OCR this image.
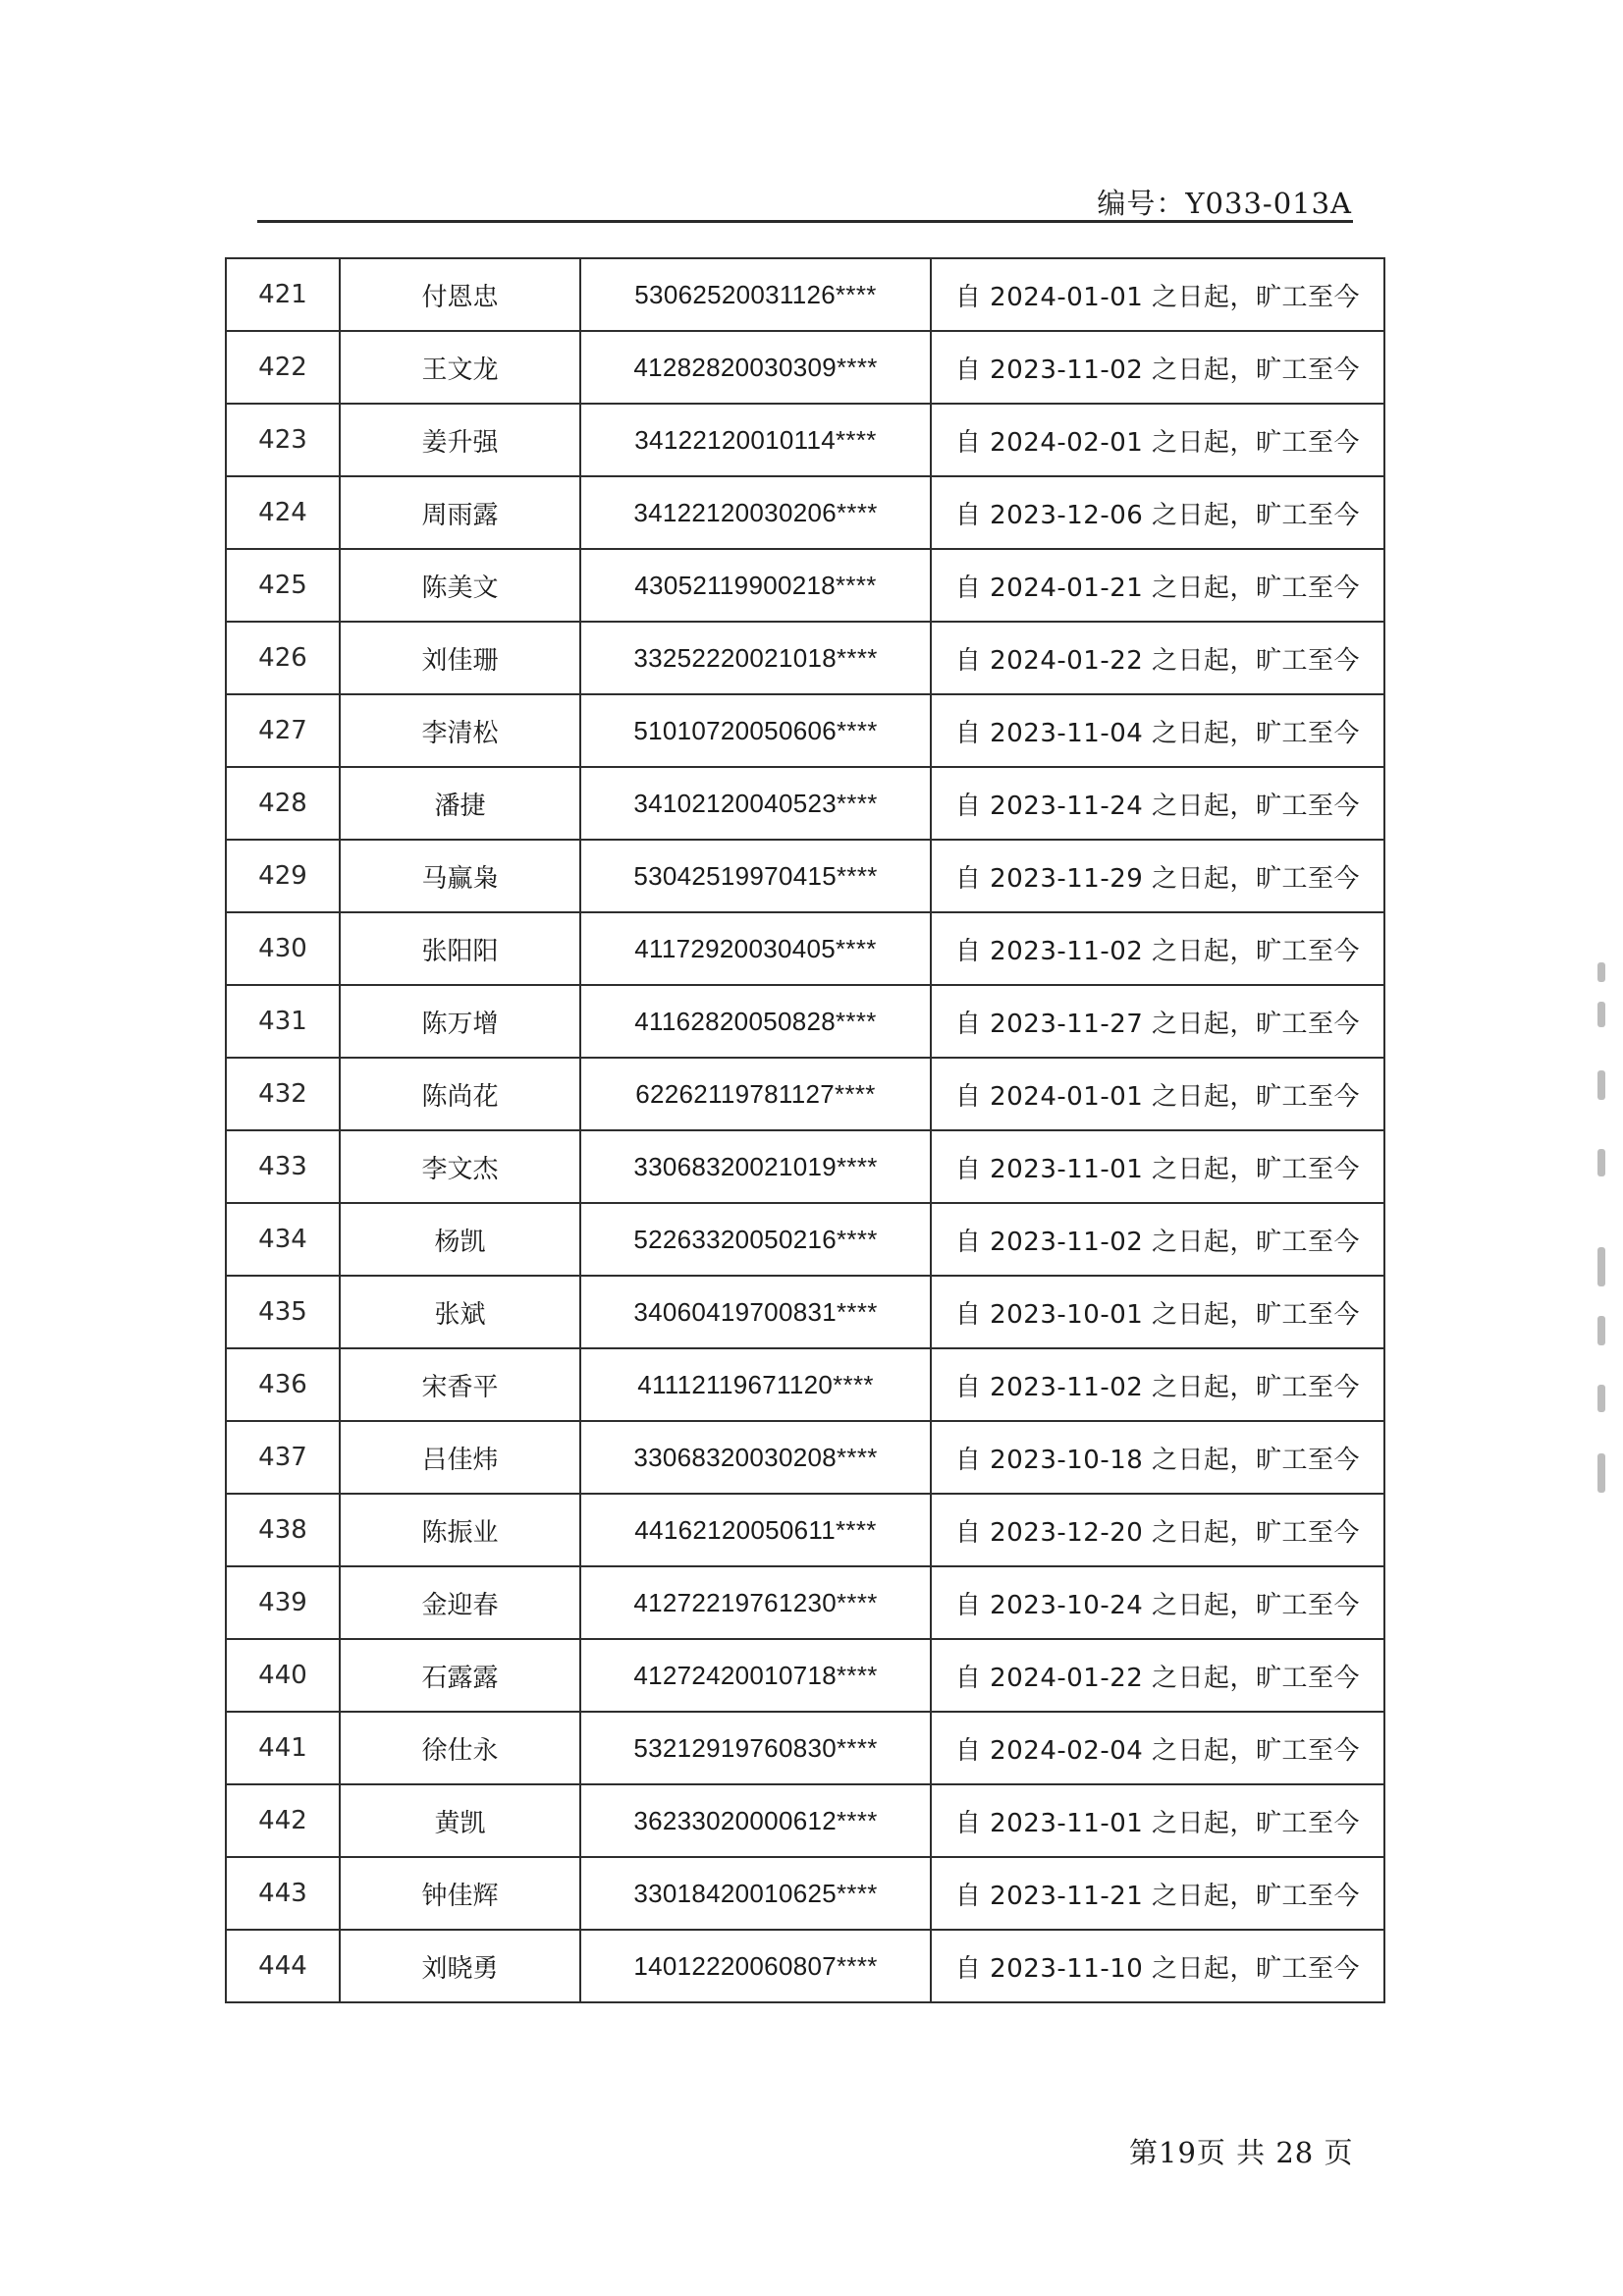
编号：Y033-013A
421	付恩忠	53062520031126****	自 2024-01-01 之日起，旷工至今
422	王文龙	41282820030309****	自 2023-11-02 之日起，旷工至今
423	姜升强	34122120010114****	自 2024-02-01 之日起，旷工至今
424	周雨露	34122120030206****	自 2023-12-06 之日起，旷工至今
425	陈美文	43052119900218****	自 2024-01-21 之日起，旷工至今
426	刘佳珊	33252220021018****	自 2024-01-22 之日起，旷工至今
427	李清松	51010720050606****	自 2023-11-04 之日起，旷工至今
428	潘捷	34102120040523****	自 2023-11-24 之日起，旷工至今
429	马赢枭	53042519970415****	自 2023-11-29 之日起，旷工至今
430	张阳阳	41172920030405****	自 2023-11-02 之日起，旷工至今
431	陈万增	41162820050828****	自 2023-11-27 之日起，旷工至今
432	陈尚花	62262119781127****	自 2024-01-01 之日起，旷工至今
433	李文杰	33068320021019****	自 2023-11-01 之日起，旷工至今
434	杨凯	52263320050216****	自 2023-11-02 之日起，旷工至今
435	张斌	34060419700831****	自 2023-10-01 之日起，旷工至今
436	宋香平	41112119671120****	自 2023-11-02 之日起，旷工至今
437	吕佳炜	33068320030208****	自 2023-10-18 之日起，旷工至今
438	陈振业	44162120050611****	自 2023-12-20 之日起，旷工至今
439	金迎春	41272219761230****	自 2023-10-24 之日起，旷工至今
440	石露露	41272420010718****	自 2024-01-22 之日起，旷工至今
441	徐仕永	53212919760830****	自 2024-02-04 之日起，旷工至今
442	黄凯	36233020000612****	自 2023-11-01 之日起，旷工至今
443	钟佳辉	33018420010625****	自 2023-11-21 之日起，旷工至今
444	刘晓勇	14012220060807****	自 2023-11-10 之日起，旷工至今
第19页 共 28 页
